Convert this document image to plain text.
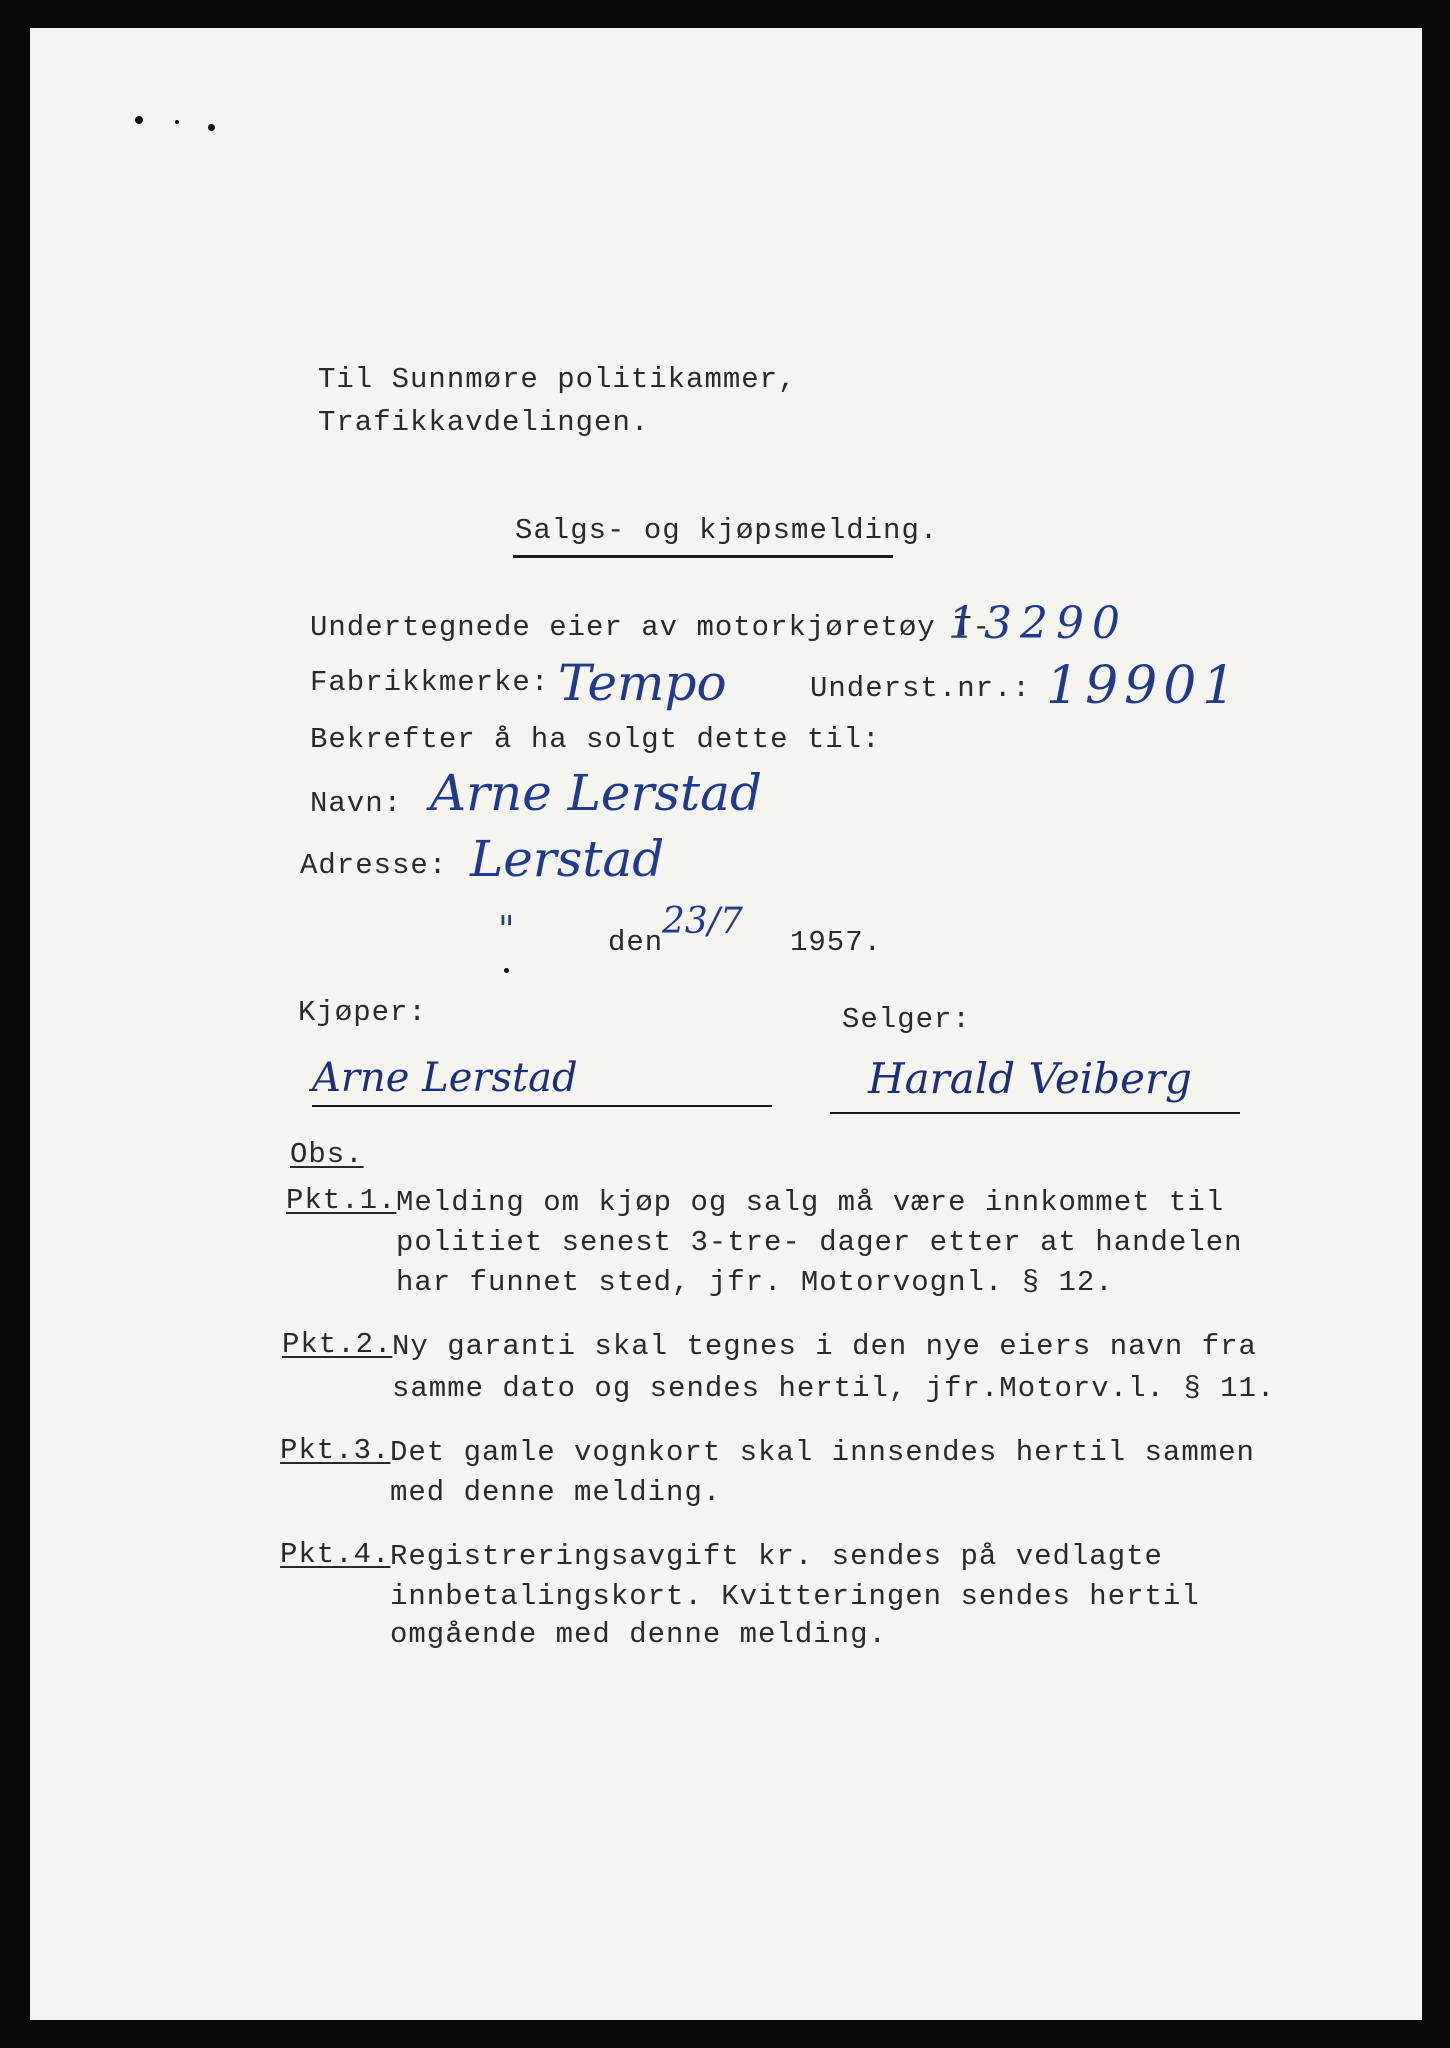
Til Sunnmøre politikammer,
Trafikkavdelingen.
Salgs- og kjøpsmelding.
Undertegnede eier av motorkjøretøy T-
13290
Fabrikkmerke: Tempo	Underst.nr.: 19901
Bekrefter å ha solgt dette til:
Navn: Arne Lerstad
Adresse: Lerstad
"	den
23/7
1957.
Kjøper:	Selger:
Arne Lerstad	Harald Veiberg
Obs.
Pkt.1. Melding om kjøp og salg må være innkommet til
politiet senest 3-tre- dager etter at handelen
har funnet sted, jfr. Motorvognl. § 12.
Pkt.2. Ny garanti skal tegnes i den nye eiers navn fra
samme dato og sendes hertil, jfr.Motorv.l. § 11.
Pkt.3. Det gamle vognkort skal innsendes hertil sammen
med denne melding.
Pkt.4. Registreringsavgift kr. sendes på vedlagte
innbetalingskort. Kvitteringen sendes hertil
omgående med denne melding.
